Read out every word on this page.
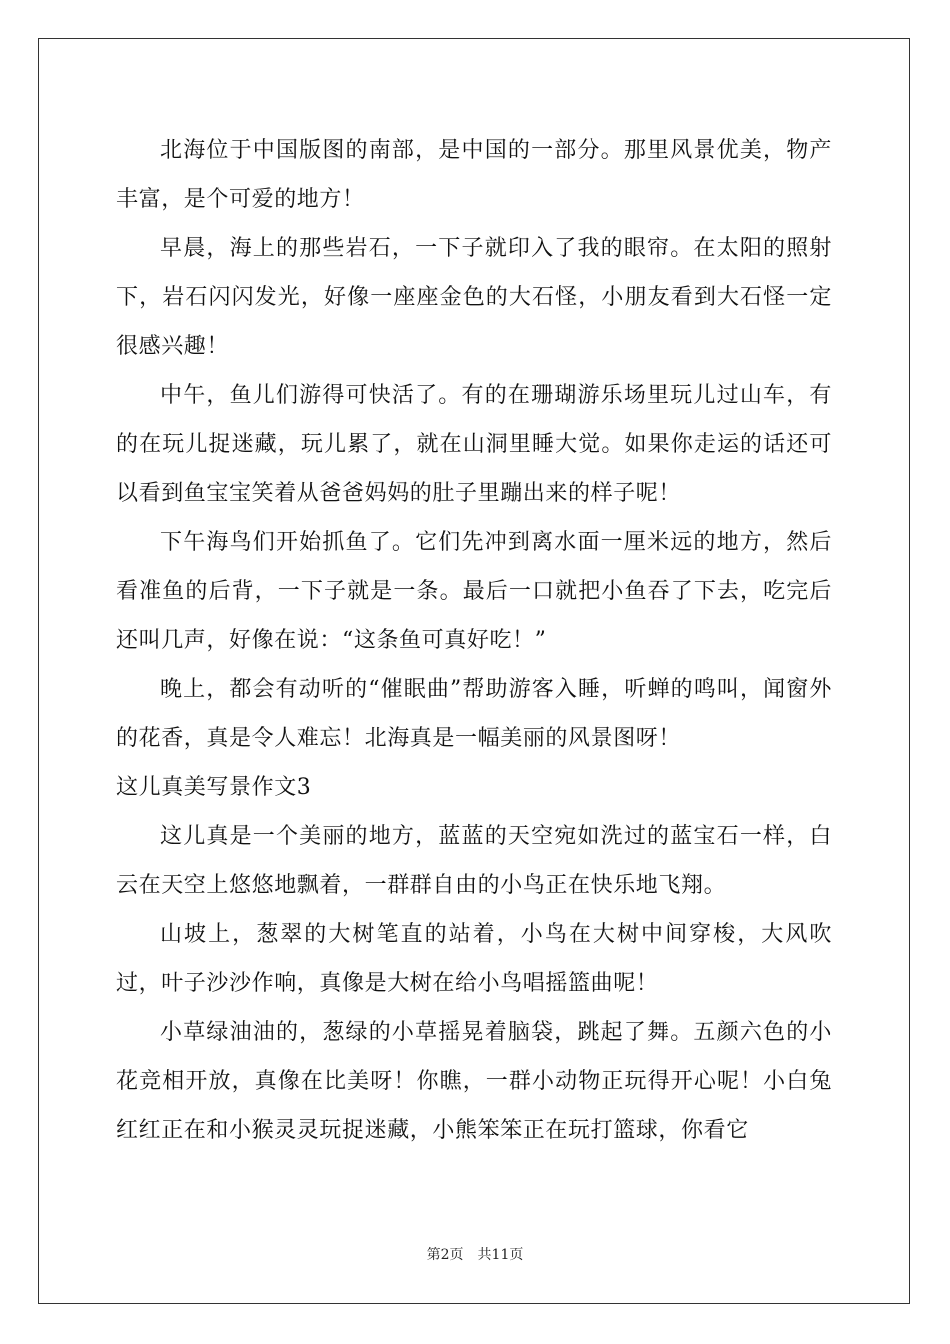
北海位于中国版图的南部，是中国的一部分。那里风景优美，物产丰富，是个可爱的地方！

早晨，海上的那些岩石，一下子就印入了我的眼帘。在太阳的照射下，岩石闪闪发光，好像一座座金色的大石怪，小朋友看到大石怪一定很感兴趣！

中午，鱼儿们游得可快活了。有的在珊瑚游乐场里玩儿过山车，有的在玩儿捉迷藏，玩儿累了，就在山洞里睡大觉。如果你走运的话还可以看到鱼宝宝笑着从爸爸妈妈的肚子里蹦出来的样子呢！

下午海鸟们开始抓鱼了。它们先冲到离水面一厘米远的地方，然后看准鱼的后背，一下子就是一条。最后一口就把小鱼吞了下去，吃完后还叫几声，好像在说：“这条鱼可真好吃！”

晚上，都会有动听的“催眠曲”帮助游客入睡，听蝉的鸣叫，闻窗外的花香，真是令人难忘！北海真是一幅美丽的风景图呀！

这儿真美写景作文3

这儿真是一个美丽的地方，蓝蓝的天空宛如洗过的蓝宝石一样，白云在天空上悠悠地飘着，一群群自由的小鸟正在快乐地飞翔。

山坡上，葱翠的大树笔直的站着，小鸟在大树中间穿梭，大风吹过，叶子沙沙作响，真像是大树在给小鸟唱摇篮曲呢！

小草绿油油的，葱绿的小草摇晃着脑袋，跳起了舞。五颜六色的小花竞相开放，真像在比美呀！你瞧，一群小动物正玩得开心呢！小白兔红红正在和小猴灵灵玩捉迷藏，小熊笨笨正在玩打篮球，你看它

第2页 共11页
